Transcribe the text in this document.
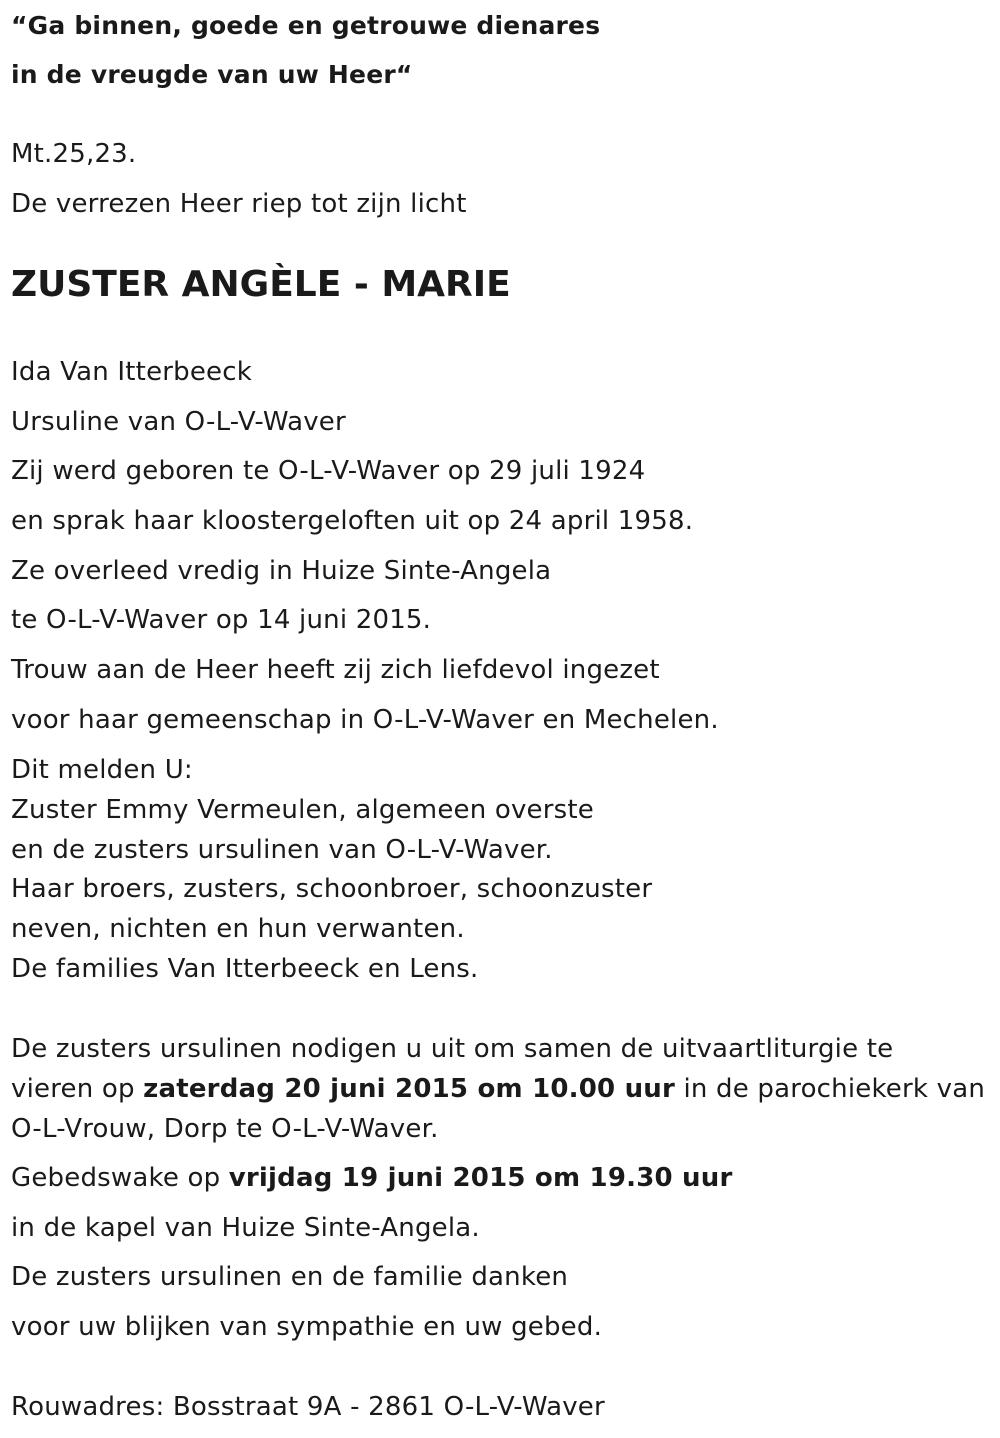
“Ga binnen, goede en getrouwe dienares
in de vreugde van uw Heer“
Mt.25,23.
De verrezen Heer riep tot zijn licht
ZUSTER ANGÈLE - MARIE
Ida Van Itterbeeck
Ursuline van O-L-V-Waver
Zij werd geboren te O-L-V-Waver op 29 juli 1924
en sprak haar kloostergeloften uit op 24 april 1958.
Ze overleed vredig in Huize Sinte-Angela
te O-L-V-Waver op 14 juni 2015.
Trouw aan de Heer heeft zij zich liefdevol ingezet
voor haar gemeenschap in O-L-V-Waver en Mechelen.
Dit melden U:
Zuster Emmy Vermeulen, algemeen overste
en de zusters ursulinen van O-L-V-Waver.
Haar broers, zusters, schoonbroer, schoonzuster
neven, nichten en hun verwanten.
De families Van Itterbeeck en Lens.
De zusters ursulinen nodigen u uit om samen de uitvaartliturgie te
vieren op zaterdag 20 juni 2015 om 10.00 uur in de parochiekerk van
O-L-Vrouw, Dorp te O-L-V-Waver.
Gebedswake op vrijdag 19 juni 2015 om 19.30 uur
in de kapel van Huize Sinte-Angela.
De zusters ursulinen en de familie danken
voor uw blijken van sympathie en uw gebed.
Rouwadres: Bosstraat 9A - 2861 O-L-V-Waver
